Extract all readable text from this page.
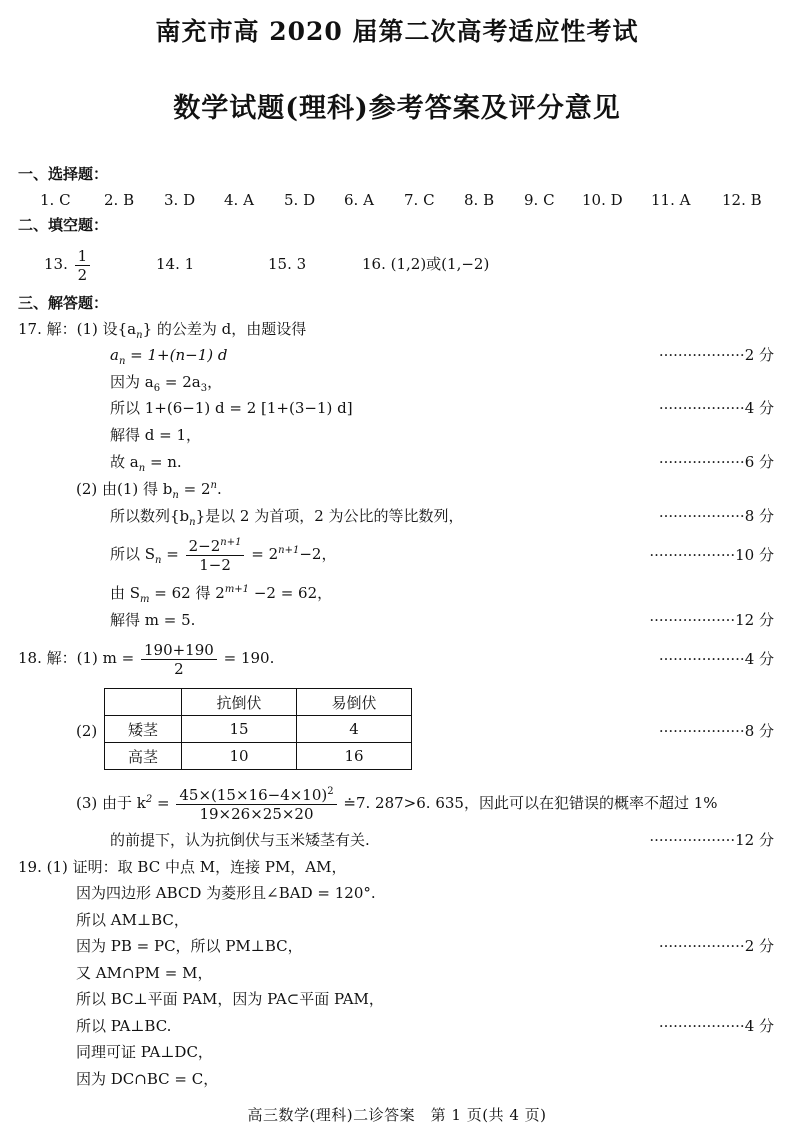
南充市高 2020 届第二次高考适应性考试
数学试题(理科)参考答案及评分意见
一、选择题：
1. C 2. B 3. D 4. A 5. D 6. A 7. C 8. B 9. C 10. D 11. A 12. B
二、填空题：
13. $\frac{1}{2}$	14. 1	15. 3	16. (1,2)或(1,−2)
三、解答题：
17. 解：(1) 设$\{a_n\}$ 的公差为 d，由题设得
$a_n = 1+(n-1)$ d	··················2 分
因为 $a_6 = 2a_3$，
所以 1+(6−1) d = 2 [1+(3−1) d]	··················4 分
解得 d = 1，
故 $a_n = n$.	··················6 分
(2) 由(1) 得 $b_n = 2^n$.
所以数列$\{b_n\}$是以 2 为首项，2 为公比的等比数列，	··················8 分
所以 $S_n = \frac{2-2^{n+1}}{1-2} = 2^{n+1}-2$，	··················10 分
由 $S_m = 62$ 得 $2^{m+1} -2 = 62$，
解得 m = 5.	··················12 分
18. 解：(1) $m = \frac{190+190}{2} = 190$.	··················4 分
(2)
	抗倒伏	易倒伏
矮茎	15	4
高茎	10	16
··················8 分
(3) 由于 $k^2 = \frac{45\times(15\times 16-4\times 10)^2}{19\times 26\times 25\times 20}$ ≐7. 287>6. 635，因此可以在犯错误的概率不超过 1%
的前提下，认为抗倒伏与玉米矮茎有关.	··················12 分
19. (1) 证明：取 BC 中点 M，连接 PM，AM，
因为四边形 ABCD 为菱形且∠BAD = 120°.
所以 AM⊥BC，
因为 PB = PC，所以 PM⊥BC，	··················2 分
又 AM∩PM = M，
所以 BC⊥平面 PAM，因为 PA⊂平面 PAM，
所以 PA⊥BC.	··················4 分
同理可证 PA⊥DC，
因为 DC∩BC = C，
高三数学(理科)二诊答案　第 1 页(共 4 页)
